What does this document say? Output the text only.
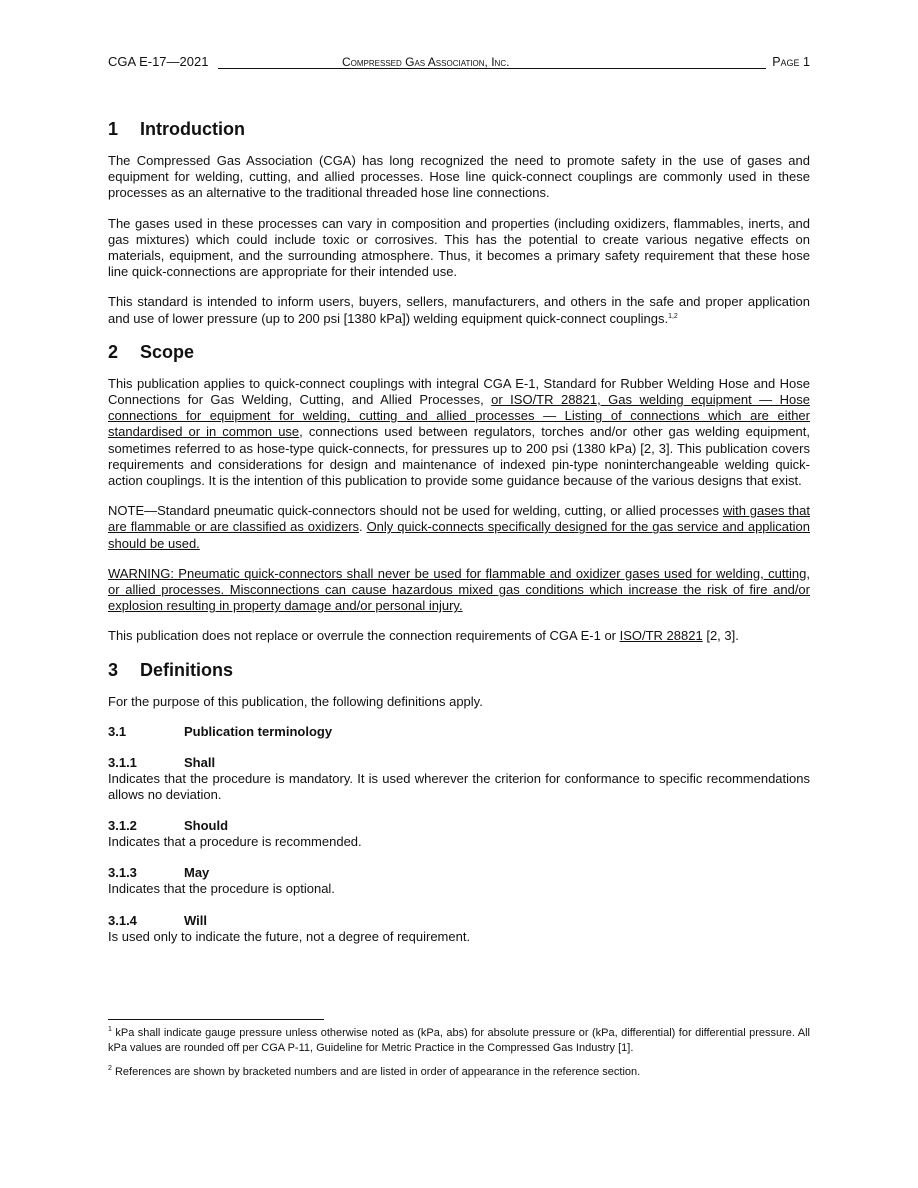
CGA E-17—2021	Compressed Gas Association, Inc.	Page 1
1 Introduction

The Compressed Gas Association (CGA) has long recognized the need to promote safety in the use of gases and equipment for welding, cutting, and allied processes. Hose line quick-connect couplings are commonly used in these processes as an alternative to the traditional threaded hose line connections.

The gases used in these processes can vary in composition and properties (including oxidizers, flammables, inerts, and gas mixtures) which could include toxic or corrosives. This has the potential to create various negative effects on materials, equipment, and the surrounding atmosphere. Thus, it becomes a primary safety requirement that these hose line quick-connections are appropriate for their intended use.

This standard is intended to inform users, buyers, sellers, manufacturers, and others in the safe and proper application and use of lower pressure (up to 200 psi [1380 kPa]) welding equipment quick-connect couplings.$^{1,2}$

2 Scope

This publication applies to quick-connect couplings with integral CGA E-1, Standard for Rubber Welding Hose and Hose Connections for Gas Welding, Cutting, and Allied Processes, or ISO/TR 28821, Gas welding equipment — Hose connections for equipment for welding, cutting and allied processes — Listing of connections which are either standardised or in common use, connections used between regulators, torches and/or other gas welding equipment, sometimes referred to as hose-type quick-connects, for pressures up to 200 psi (1380 kPa) [2, 3]. This publication covers requirements and considerations for design and maintenance of indexed pin-type noninterchangeable welding quick-action couplings. It is the intention of this publication to provide some guidance because of the various designs that exist.

NOTE—Standard pneumatic quick-connectors should not be used for welding, cutting, or allied processes with gases that are flammable or are classified as oxidizers. Only quick-connects specifically designed for the gas service and application should be used.

WARNING: Pneumatic quick-connectors shall never be used for flammable and oxidizer gases used for welding, cutting, or allied processes. Misconnections can cause hazardous mixed gas conditions which increase the risk of fire and/or explosion resulting in property damage and/or personal injury.

This publication does not replace or overrule the connection requirements of CGA E-1 or ISO/TR 28821 [2, 3].

3 Definitions

For the purpose of this publication, the following definitions apply.

3.1	Publication terminology
3.1.1	Shall

Indicates that the procedure is mandatory. It is used wherever the criterion for conformance to specific recommendations allows no deviation.

3.1.2	Should

Indicates that a procedure is recommended.

3.1.3	May

Indicates that the procedure is optional.

3.1.4	Will

Is used only to indicate the future, not a degree of requirement.

$^1$ kPa shall indicate gauge pressure unless otherwise noted as (kPa, abs) for absolute pressure or (kPa, differential) for differential pressure. All kPa values are rounded off per CGA P-11, Guideline for Metric Practice in the Compressed Gas Industry [1].

$^2$ References are shown by bracketed numbers and are listed in order of appearance in the reference section.
